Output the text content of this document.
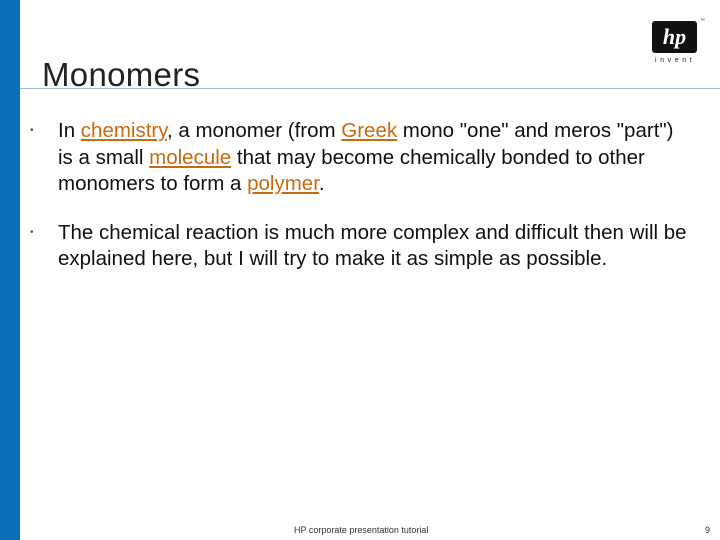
Monomers
hp
™
invent
• In chemistry, a monomer (from Greek mono "one" and meros "part") is a small molecule that may become chemically bonded to other monomers to form a polymer.
• The chemical reaction is much more complex and difficult then will be explained here, but I will try to make it as simple as possible.
HP corporate presentation tutorial	9
